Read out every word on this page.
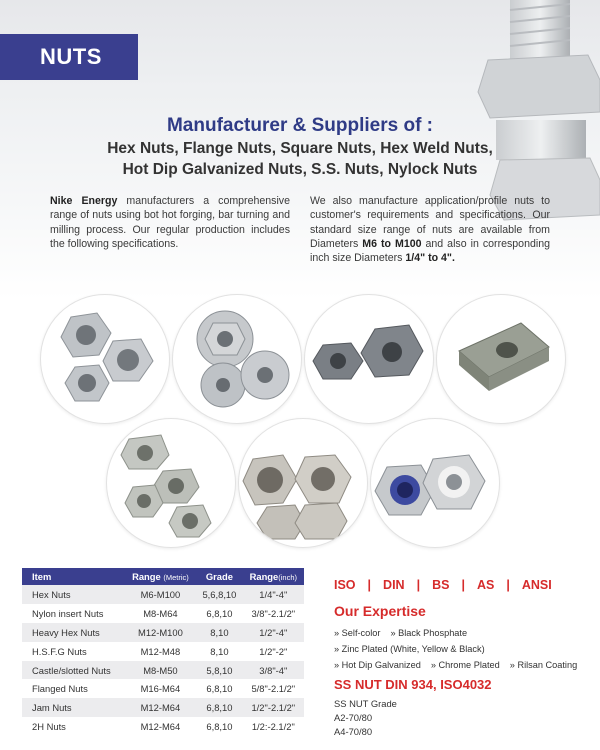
NUTS
Manufacturer & Suppliers of :
Hex Nuts, Flange Nuts, Square Nuts, Hex Weld Nuts,
Hot Dip Galvanized Nuts, S.S. Nuts, Nylock Nuts

Nike Energy manufacturers a comprehensive range of nuts using bot hot forging, bar turning and milling process. Our regular production includes the following specifications.

We also manufacture application/profile nuts to customer's requirements and specifications. Our standard size range of nuts are available from Diameters M6 to M100 and also in corresponding inch size Diameters 1/4" to 4".

Item	Range (Metric)	Grade	Range(inch)
Hex Nuts	M6-M100	5,6,8,10	1/4"-4"
Nylon insert Nuts	M8-M64	6,8,10	3/8"-2.1/2"
Heavy Hex Nuts	M12-M100	8,10	1/2"-4"
H.S.F.G Nuts	M12-M48	8,10	1/2"-2"
Castle/slotted Nuts	M8-M50	5,8,10	3/8"-4"
Flanged Nuts	M16-M64	6,8,10	5/8"-2.1/2"
Jam Nuts	M12-M64	6,8,10	1/2"-2.1/2"
2H Nuts	M12-M64	6,8,10	1/2:-2.1/2"
ISO | DIN | BS | AS | ANSI
Our Expertise
» Self-color » Black Phosphate
» Zinc Plated (White, Yellow & Black)
» Hot Dip Galvanized » Chrome Plated » Rilsan Coating
SS NUT DIN 934, ISO4032
SS NUT Grade
A2-70/80
A4-70/80
